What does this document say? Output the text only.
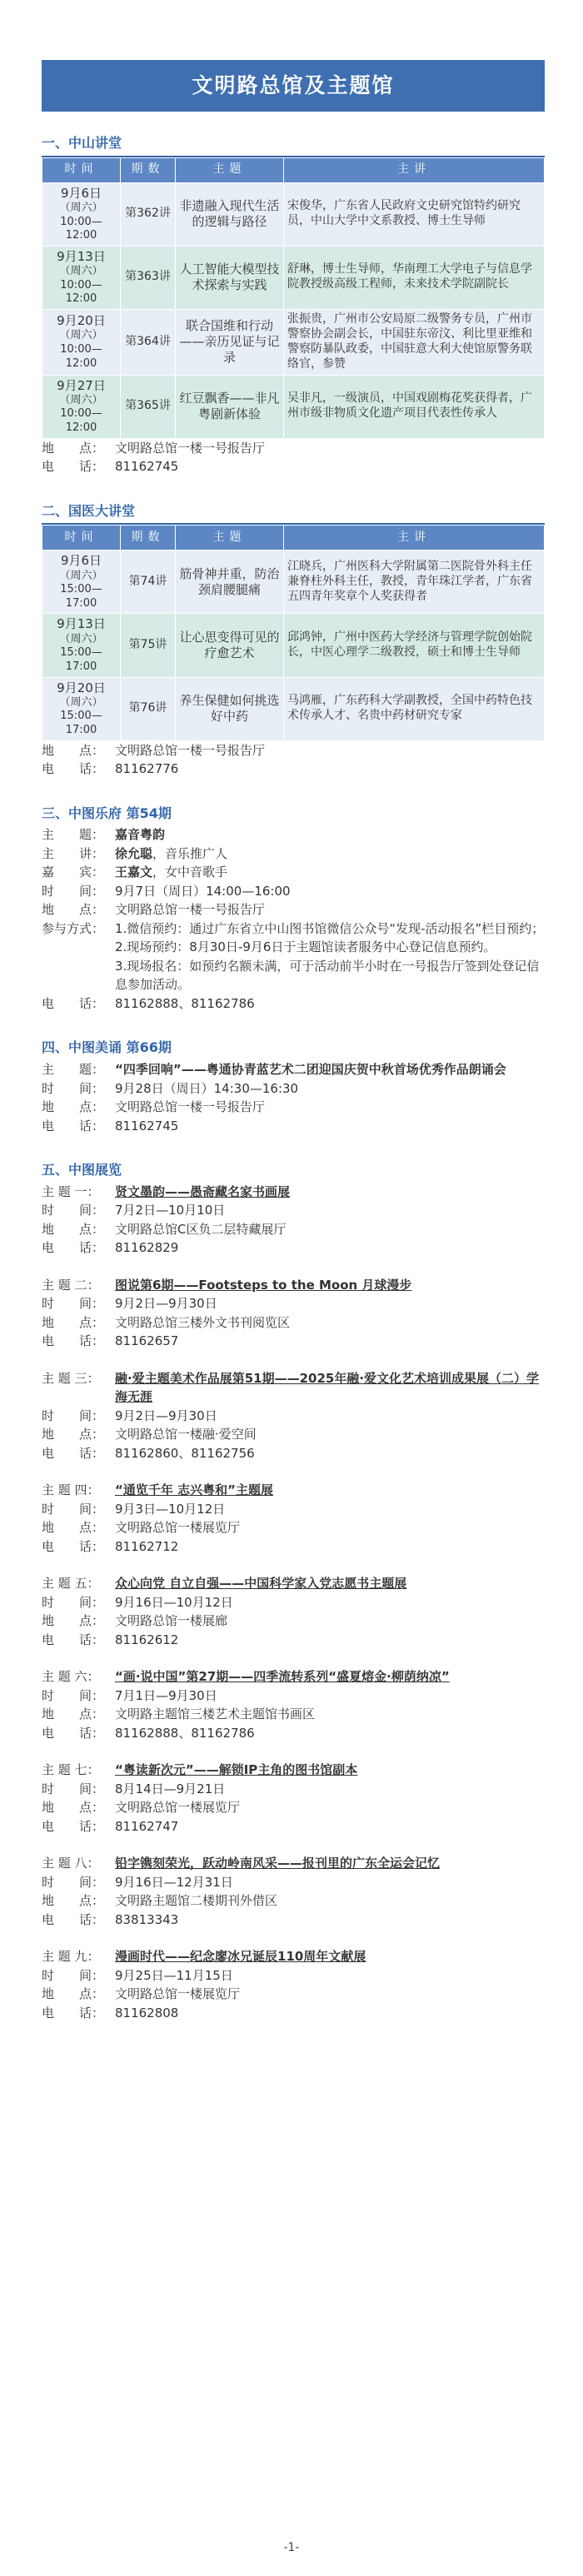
文明路总馆及主题馆
一、中山讲堂
时间	期数	主题	主讲

9月6日
（周六）
10:00—12:00	第362讲	非遗融入现代生活的逻辑与路径	宋俊华，广东省人民政府文史研究馆特约研究员，中山大学中文系教授、博士生导师

9月13日
（周六）
10:00—12:00	第363讲	人工智能大模型技术探索与实践	舒琳，博士生导师，华南理工大学电子与信息学院教授级高级工程师，未来技术学院副院长

9月20日
（周六）
10:00—12:00	第364讲	联合国维和行动——亲历见证与记录	张振贵，广州市公安局原二级警务专员，广州市警察协会副会长，中国驻东帝汶、利比里亚维和警察防暴队政委，中国驻意大利大使馆原警务联络官，参赞

9月27日
（周六）
10:00—12:00	第365讲	红豆飘香——非凡粤剧新体验	吴非凡，一级演员，中国戏剧梅花奖获得者，广州市级非物质文化遗产项目代表性传承人
地　　点： 文明路总馆一楼一号报告厅
电　　话： 81162745
二、国医大讲堂
时间	期数	主题	主讲

9月6日
（周六）
15:00—17:00	第74讲	筋骨神并重，防治颈肩腰腿痛	江晓兵，广州医科大学附属第二医院骨外科主任兼脊柱外科主任，教授，青年珠江学者，广东省五四青年奖章个人奖获得者

9月13日
（周六）
15:00—17:00	第75讲	让心思变得可见的疗愈艺术	邱鸿钟，广州中医药大学经济与管理学院创始院长，中医心理学二级教授，硕士和博士生导师

9月20日
（周六）
15:00—17:00	第76讲	养生保健如何挑选好中药	马鸿雁，广东药科大学副教授，全国中药特色技术传承人才、名贵中药材研究专家
地　　点： 文明路总馆一楼一号报告厅
电　　话： 81162776
三、中图乐府 第54期
主　　题： 嘉音粤韵
主　　讲： 徐允聪，音乐推广人
嘉　　宾： 王嘉文，女中音歌手
时　　间： 9月7日（周日）14:00—16:00
地　　点： 文明路总馆一楼一号报告厅
参与方式： 1.微信预约：通过广东省立中山图书馆微信公众号“发现-活动报名”栏目预约；
2.现场预约：8月30日-9月6日于主题馆读者服务中心登记信息预约。
3.现场报名：如预约名额未满，可于活动前半小时在一号报告厅签到处登记信息参加活动。
电　　话： 81162888、81162786
四、中图美诵 第66期
主　　题： “四季回响”——粤通协青蓝艺术二团迎国庆贺中秋首场优秀作品朗诵会
时　　间： 9月28日（周日）14:30—16:30
地　　点： 文明路总馆一楼一号报告厅
电　　话： 81162745
五、中图展览
主 题 一：	贤文墨韵——愚斋藏名家书画展
时　　间： 7月2日—10月10日
地　　点： 文明路总馆C区负二层特藏展厅
电　　话： 81162829
主 题 二：	图说第6期——Footsteps to the Moon 月球漫步
时　　间： 9月2日—9月30日
地　　点： 文明路总馆三楼外文书刊阅览区
电　　话： 81162657
主 题 三：	融·爱主题美术作品展第51期——2025年融·爱文化艺术培训成果展（二）学海无涯
时　　间： 9月2日—9月30日
地　　点： 文明路总馆一楼融·爱空间
电　　话： 81162860、81162756
主 题 四：	“通览千年 志兴粤和”主题展
时　　间： 9月3日—10月12日
地　　点： 文明路总馆一楼展览厅
电　　话： 81162712
主 题 五：	众心向党 自立自强——中国科学家入党志愿书主题展
时　　间： 9月16日—10月12日
地　　点： 文明路总馆一楼展廊
电　　话： 81162612
主 题 六：	“画·说中国”第27期——四季流转系列“盛夏熔金·柳荫纳凉”
时　　间： 7月1日—9月30日
地　　点： 文明路主题馆三楼艺术主题馆书画区
电　　话： 81162888、81162786
主 题 七：	“粤读新次元”——解锁IP主角的图书馆副本
时　　间： 8月14日—9月21日
地　　点： 文明路总馆一楼展览厅
电　　话： 81162747
主 题 八：	铅字镌刻荣光，跃动岭南风采——报刊里的广东全运会记忆
时　　间： 9月16日—12月31日
地　　点： 文明路主题馆二楼期刊外借区
电　　话： 83813343
主 题 九：	漫画时代——纪念廖冰兄诞辰110周年文献展
时　　间： 9月25日—11月15日
地　　点： 文明路总馆一楼展览厅
电　　话： 81162808
-1-
